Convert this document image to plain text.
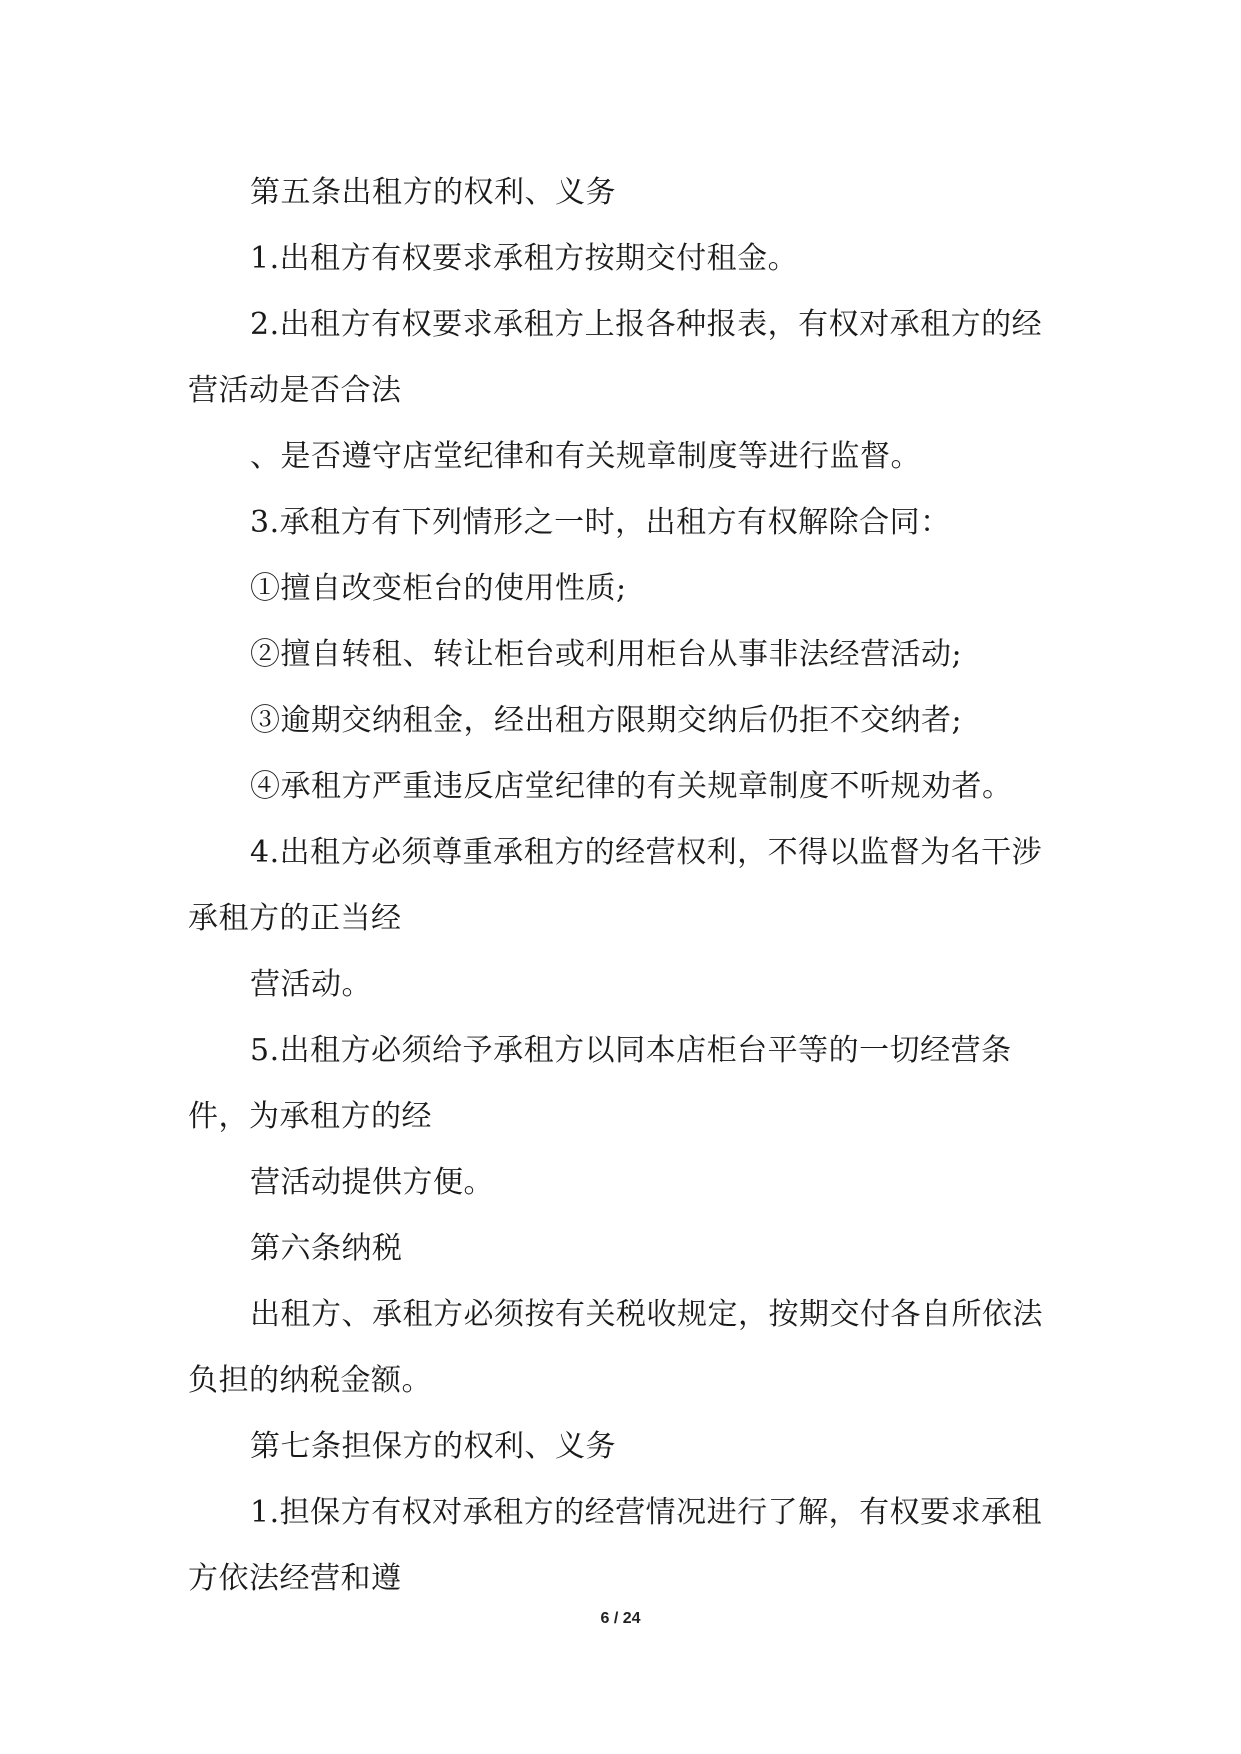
第五条出租方的权利、义务
1.出租方有权要求承租方按期交付租金。
2.出租方有权要求承租方上报各种报表，有权对承租方的经
营活动是否合法
、是否遵守店堂纪律和有关规章制度等进行监督。
3.承租方有下列情形之一时，出租方有权解除合同：
①擅自改变柜台的使用性质;
②擅自转租、转让柜台或利用柜台从事非法经营活动;
③逾期交纳租金，经出租方限期交纳后仍拒不交纳者;
④承租方严重违反店堂纪律的有关规章制度不听规劝者。
4.出租方必须尊重承租方的经营权利，不得以监督为名干涉
承租方的正当经
营活动。
5.出租方必须给予承租方以同本店柜台平等的一切经营条
件，为承租方的经
营活动提供方便。
第六条纳税
出租方、承租方必须按有关税收规定，按期交付各自所依法
负担的纳税金额。
第七条担保方的权利、义务
1.担保方有权对承租方的经营情况进行了解，有权要求承租
方依法经营和遵
6 / 24
